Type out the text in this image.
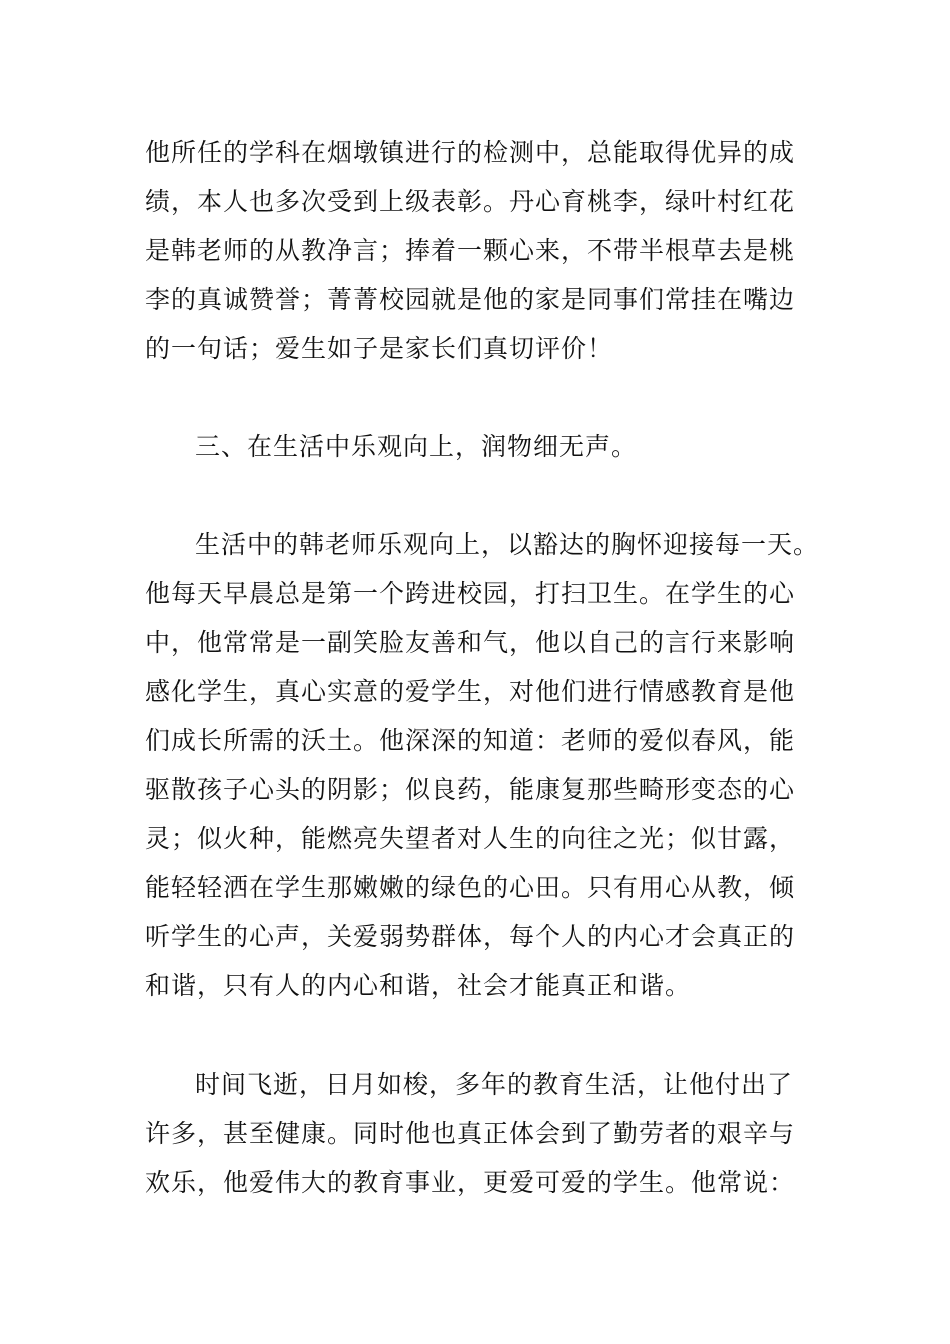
他所任的学科在烟墩镇进行的检测中，总能取得优异的成
绩，本人也多次受到上级表彰。丹心育桃李，绿叶村红花
是韩老师的从教净言；捧着一颗心来，不带半根草去是桃
李的真诚赞誉；菁菁校园就是他的家是同事们常挂在嘴边
的一句话；爱生如子是家长们真切评价！

三、在生活中乐观向上，润物细无声。

生活中的韩老师乐观向上，以豁达的胸怀迎接每一天。
他每天早晨总是第一个跨进校园，打扫卫生。在学生的心
中，他常常是一副笑脸友善和气，他以自己的言行来影响
感化学生，真心实意的爱学生，对他们进行情感教育是他
们成长所需的沃土。他深深的知道：老师的爱似春风，能
驱散孩子心头的阴影；似良药，能康复那些畸形变态的心
灵；似火种，能燃亮失望者对人生的向往之光；似甘露，
能轻轻洒在学生那嫩嫩的绿色的心田。只有用心从教，倾
听学生的心声，关爱弱势群体，每个人的内心才会真正的
和谐，只有人的内心和谐，社会才能真正和谐。

时间飞逝，日月如梭，多年的教育生活，让他付出了
许多，甚至健康。同时他也真正体会到了勤劳者的艰辛与
欢乐，他爱伟大的教育事业，更爱可爱的学生。他常说：
